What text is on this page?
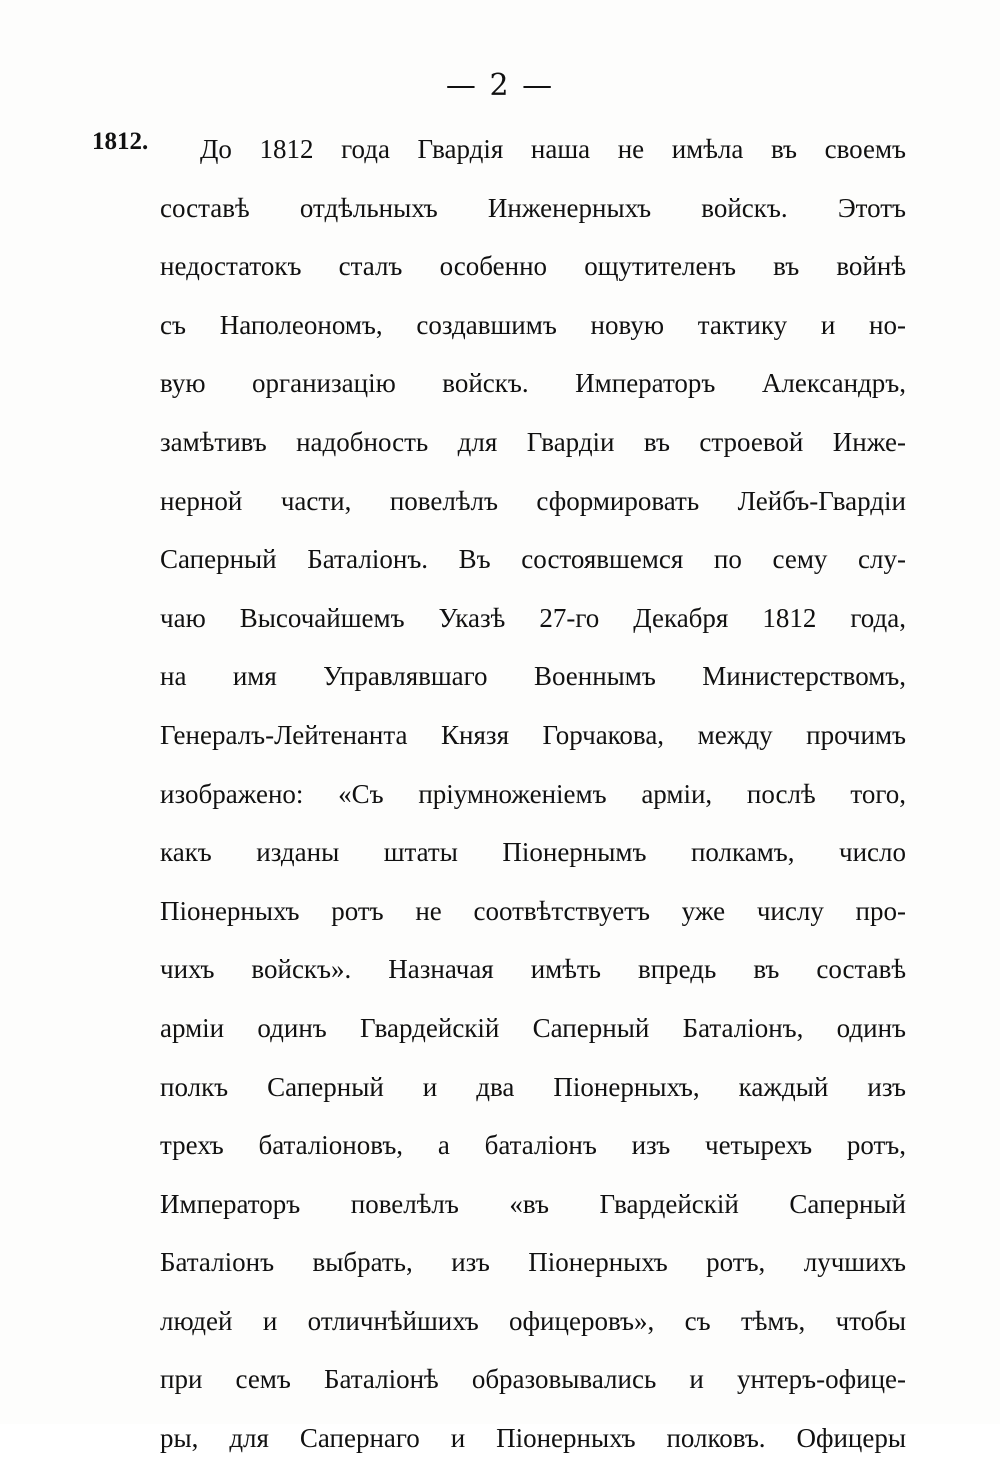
— 2 —
1812.	До 1812 года Гвардія наша не имѣла въ своемъ
составѣ отдѣльныхъ Инженерныхъ войскъ. Этотъ
недостатокъ сталъ особенно ощутителенъ въ войнѣ
съ Наполеономъ, создавшимъ новую тактику и но-
вую организацію войскъ. Императоръ Александръ,
замѣтивъ надобность для Гвардіи въ строевой Инже-
нерной части, повелѣлъ сформировать Лейбъ-Гвардіи
Саперный Баталіонъ. Въ состоявшемся по сему слу-
чаю Высочайшемъ Указѣ 27-го Декабря 1812 года,
на имя Управлявшаго Военнымъ Министерствомъ,
Генералъ-Лейтенанта Князя Горчакова, между прочимъ
изображено: «Съ пріумноженіемъ арміи, послѣ того,
какъ изданы штаты Піонернымъ полкамъ, число
Піонерныхъ ротъ не соотвѣтствуетъ уже числу про-
чихъ войскъ». Назначая имѣть впредь въ составѣ
арміи одинъ Гвардейскій Саперный Баталіонъ, одинъ
полкъ Саперный и два Піонерныхъ, каждый изъ
трехъ баталіоновъ, а баталіонъ изъ четырехъ ротъ,
Императоръ повелѣлъ «въ Гвардейскій Саперный
Баталіонъ выбрать, изъ Піонерныхъ ротъ, лучшихъ
людей и отличнѣйшихъ офицеровъ», съ тѣмъ, чтобы
при семъ Баталіонѣ образовывались и унтеръ-офице-
ры, для Сапернаго и Піонерныхъ полковъ. Офицеры
